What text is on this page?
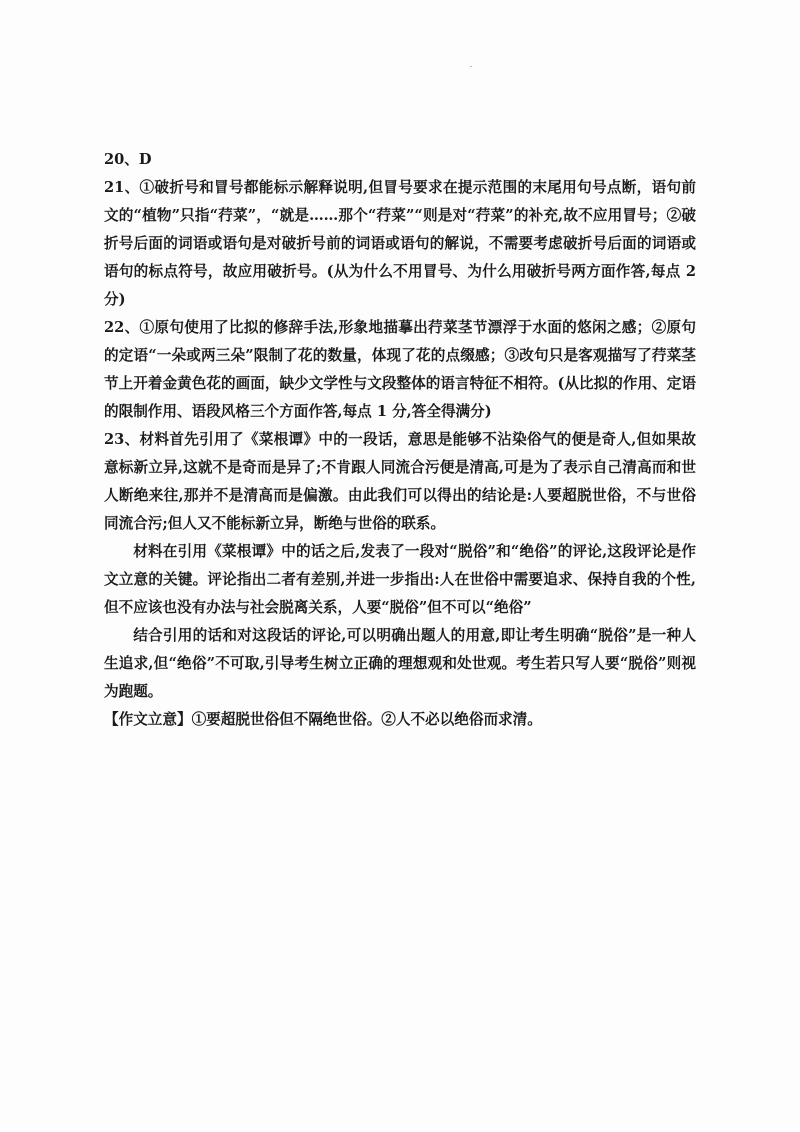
20、D

21、①破折号和冒号都能标示解释说明,但冒号要求在提示范围的末尾用句号点断，语句前文的“植物”只指“荇菜”，“就是……那个“荇菜”“则是对“荇菜”的补充,故不应用冒号；②破折号后面的词语或语句是对破折号前的词语或语句的解说，不需要考虑破折号后面的词语或语句的标点符号，故应用破折号。(从为什么不用冒号、为什么用破折号两方面作答,每点 2 分)

22、①原句使用了比拟的修辞手法,形象地描摹出荇菜茎节漂浮于水面的悠闲之感；②原句的定语“一朵或两三朵”限制了花的数量，体现了花的点缀感；③改句只是客观描写了荇菜茎节上开着金黄色花的画面，缺少文学性与文段整体的语言特征不相符。(从比拟的作用、定语的限制作用、语段风格三个方面作答,每点 1 分,答全得满分)

23、材料首先引用了《菜根谭》中的一段话，意思是能够不沾染俗气的便是奇人,但如果故意标新立异,这就不是奇而是异了;不肯跟人同流合污便是清高,可是为了表示自己清高而和世人断绝来往,那并不是清高而是偏激。由此我们可以得出的结论是:人要超脱世俗，不与世俗同流合污;但人又不能标新立异，断绝与世俗的联系。

材料在引用《菜根谭》中的话之后,发表了一段对“脱俗”和“绝俗”的评论,这段评论是作文立意的关键。评论指出二者有差别,并进一步指出:人在世俗中需要追求、保持自我的个性,但不应该也没有办法与社会脱离关系，人要“脱俗”但不可以“绝俗”

结合引用的话和对这段话的评论,可以明确出题人的用意,即让考生明确“脱俗”是一种人生追求,但“绝俗”不可取,引导考生树立正确的理想观和处世观。考生若只写人要“脱俗”则视为跑题。

【作文立意】①要超脱世俗但不隔绝世俗。②人不必以绝俗而求清。
